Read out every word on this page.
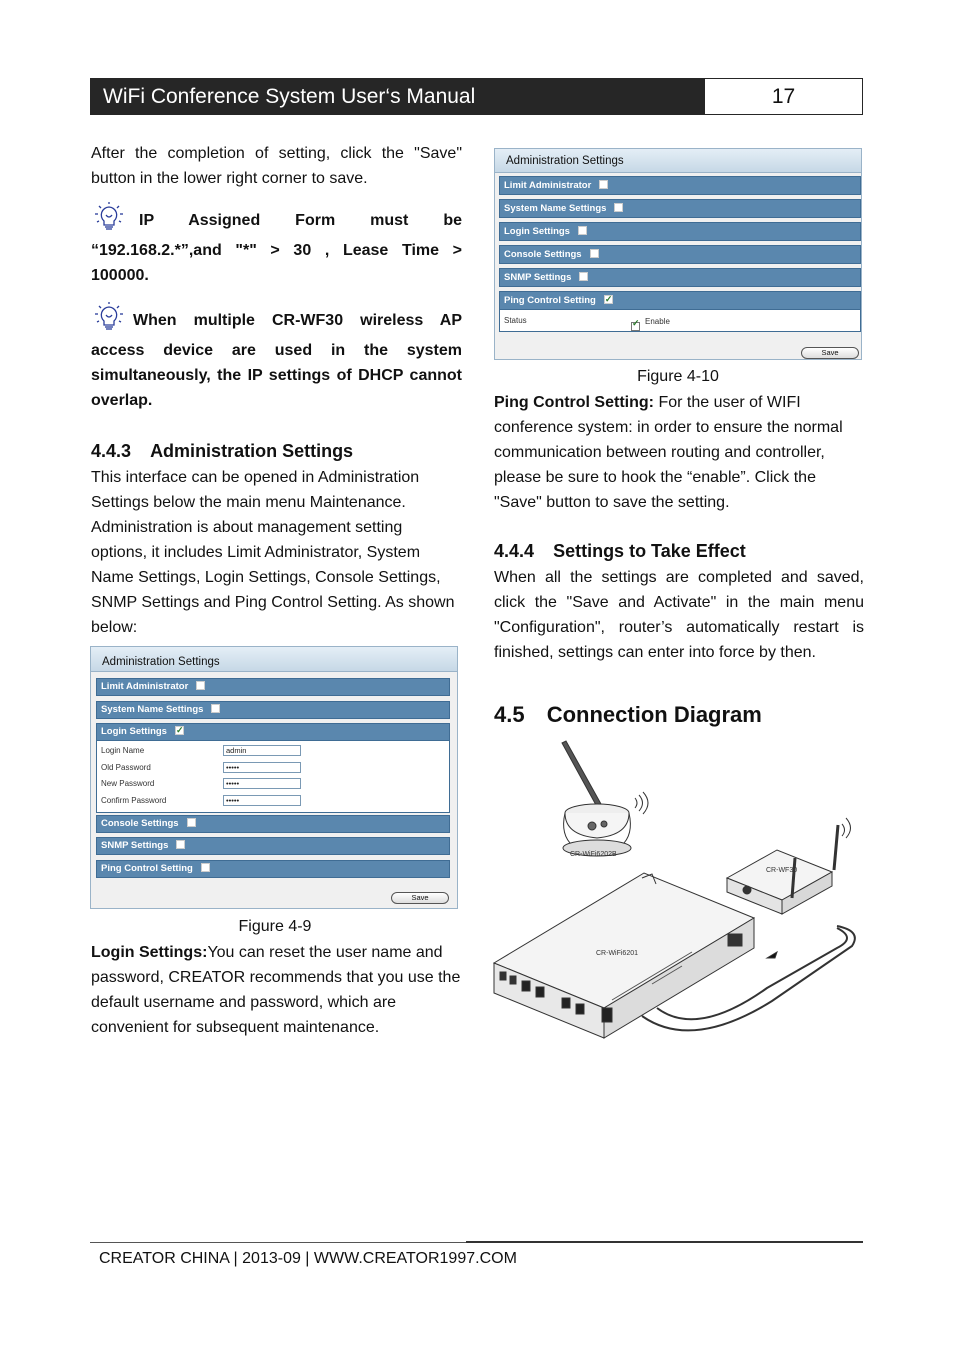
WiFi Conference System User‘s Manual	17
After the completion of setting, click the "Save" button in the lower right corner to save.
IP Assigned Form must be
“192.168.2.*”,and "*" > 30 , Lease Time >
100000.
When multiple CR-WF30 wireless AP
access device are used in the system simultaneously, the IP settings of DHCP cannot overlap.
4.4.3 Administration Settings
This interface can be opened in Administration Settings below the main menu Maintenance. Administration is about management setting options, it includes Limit Administrator, System Name Settings, Login Settings, Console Settings, SNMP Settings and Ping Control Setting. As shown below:
Administration Settings
Limit Administrator
System Name Settings
Login Settings✓
Login Name	admin
Old Password	•••••
New Password	•••••
Confirm Password	•••••
Console Settings
SNMP Settings
Ping Control Setting
Save
Figure 4-9
Login Settings:You can reset the user name and password, CREATOR recommends that you use the default username and password, which are convenient for subsequent maintenance.
Administration Settings
Limit Administrator
System Name Settings
Login Settings
Console Settings
SNMP Settings
Ping Control Setting✓
Status
✓	Enable
Save
Figure 4-10
Ping Control Setting: For the user of WIFI conference system: in order to ensure the normal communication between routing and controller, please be sure to hook the “enable”. Click the "Save" button to save the setting.
4.4.4 Settings to Take Effect
When all the settings are completed and saved, click the "Save and Activate" in the main menu "Configuration", router’s automatically restart is finished, settings can enter into force by then.
4.5 Connection Diagram
CR-WiFi6202B
CR-WiFi6201
CR-WF30
CREATOR CHINA | 2013-09 | WWW.CREATOR1997.COM
